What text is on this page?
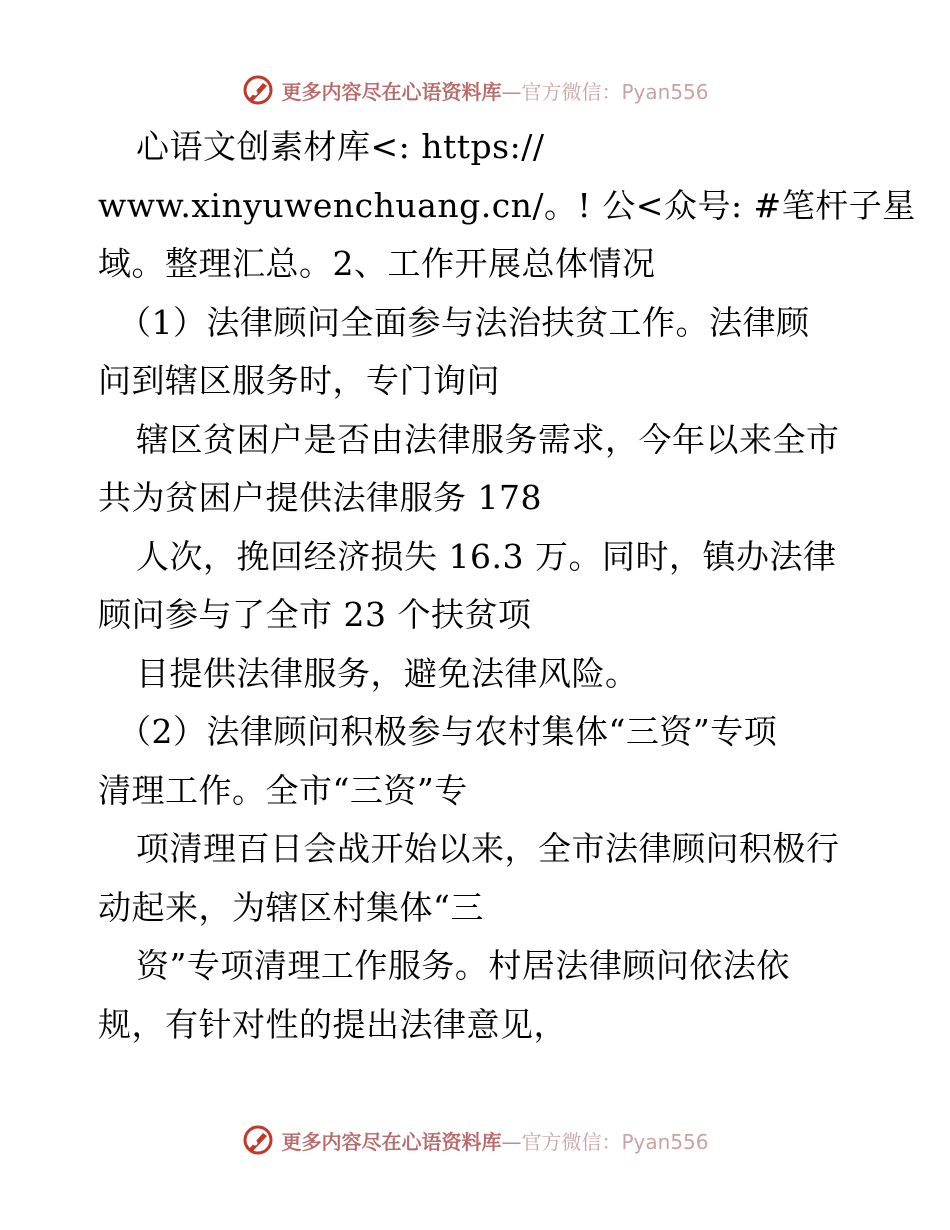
更多内容尽在心语资料库—官方微信：Pyan556
心语文创素材库<: https://
www.xinyuwenchuang.cn/。! 公<众号: #笔杆子星
域。整理汇总。2、工作开展总体情况
（1）法律顾问全面参与法治扶贫工作。法律顾
问到辖区服务时，专门询问
辖区贫困户是否由法律服务需求，今年以来全市
共为贫困户提供法律服务 178
人次，挽回经济损失 16.3 万。同时，镇办法律
顾问参与了全市 23 个扶贫项
目提供法律服务，避免法律风险。
（2）法律顾问积极参与农村集体“三资”专项
清理工作。全市“三资”专
项清理百日会战开始以来，全市法律顾问积极行
动起来，为辖区村集体“三
资”专项清理工作服务。村居法律顾问依法依
规，有针对性的提出法律意见，
更多内容尽在心语资料库—官方微信：Pyan556
